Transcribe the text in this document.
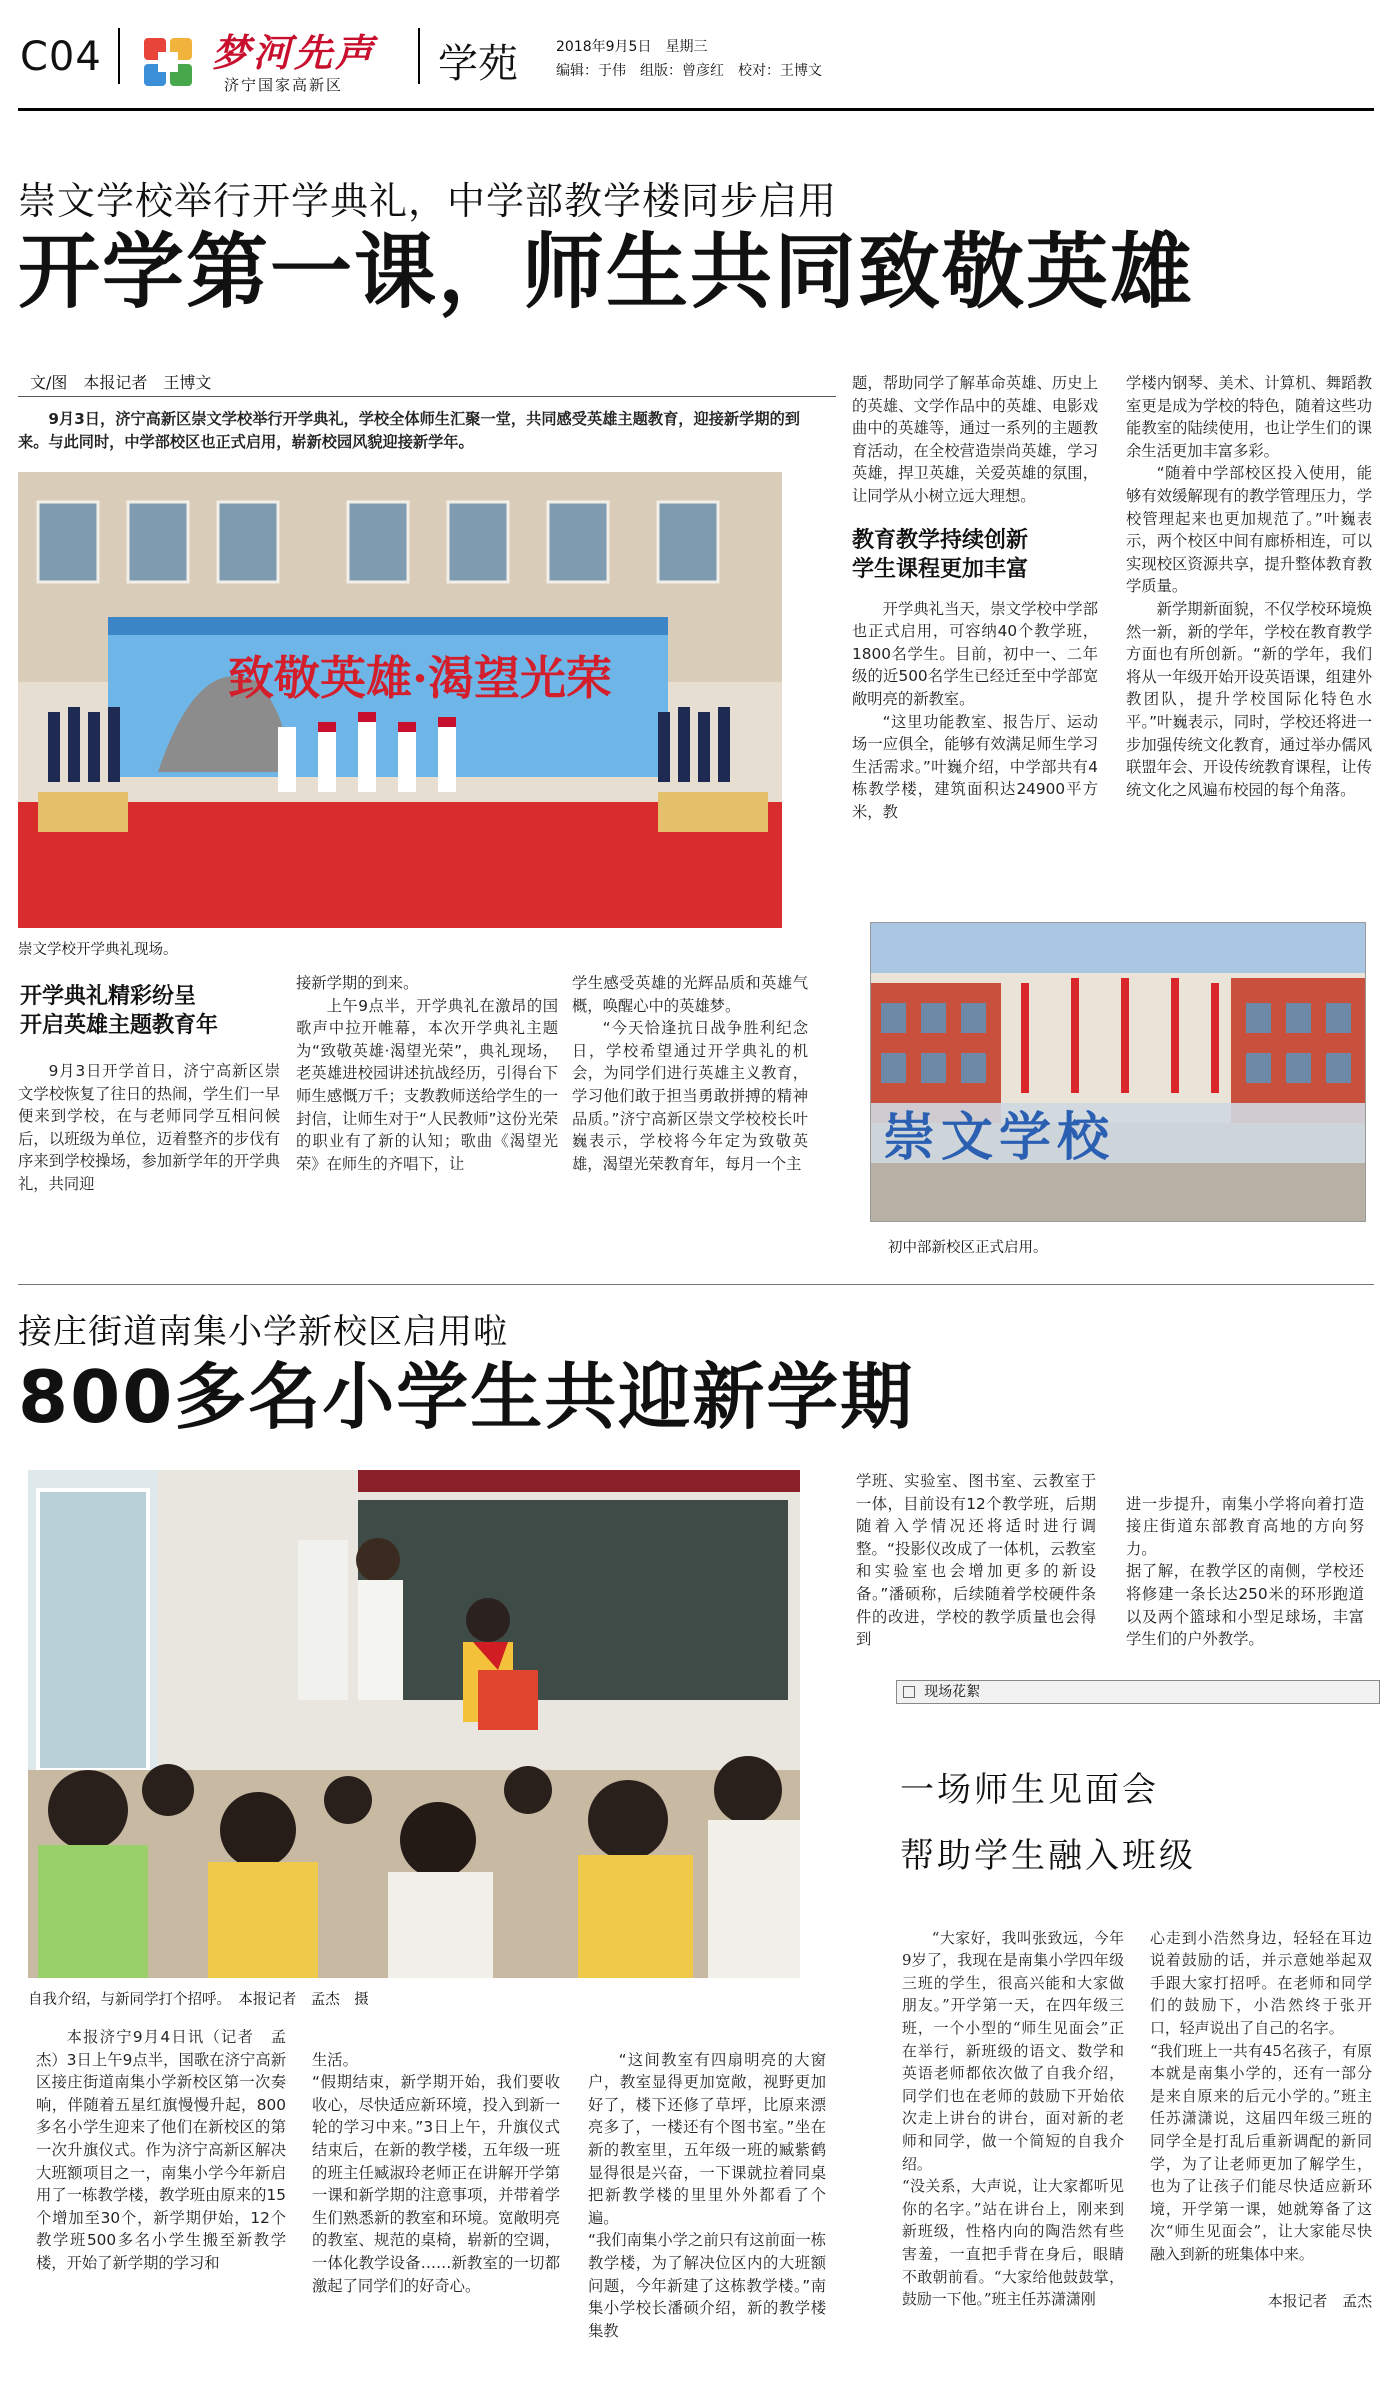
C04	梦河先声
济宁国家高新区 学苑	2018年9月5日　 星期三
编辑：于伟　组版：曾彦红　校对：王博文
崇文学校举行开学典礼，中学部教学楼同步启用
开学第一课，师生共同致敬英雄
文/图　本报记者　王博文

9月3日，济宁高新区崇文学校举行开学典礼，学校全体师生汇聚一堂，共同感受英雄主题教育，迎接新学期的到来。与此同时，中学部校区也正式启用，崭新校园风貌迎接新学年。

致敬英雄·渴望光荣
崇文学校开学典礼现场。
开学典礼精彩纷呈
开启英雄主题教育年

9月3日开学首日，济宁高新区崇文学校恢复了往日的热闹，学生们一早便来到学校，在与老师同学互相问候后，以班级为单位，迈着整齐的步伐有序来到学校操场，参加新学年的开学典礼，共同迎

接新学期的到来。

上午9点半，开学典礼在激昂的国歌声中拉开帷幕，本次开学典礼主题为“致敬英雄·渴望光荣”，典礼现场，老英雄进校园讲述抗战经历，引得台下师生感慨万千；支教教师送给学生的一封信，让师生对于“人民教师”这份光荣的职业有了新的认知；歌曲《渴望光荣》在师生的齐唱下，让

学生感受英雄的光辉品质和英雄气概，唤醒心中的英雄梦。

“今天恰逢抗日战争胜利纪念日，学校希望通过开学典礼的机会，为同学们进行英雄主义教育，学习他们敢于担当勇敢拼搏的精神品质。”济宁高新区崇文学校校长叶巍表示，学校将今年定为致敬英雄，渴望光荣教育年，每月一个主

题，帮助同学了解革命英雄、历史上的英雄、文学作品中的英雄、电影戏曲中的英雄等，通过一系列的主题教育活动，在全校营造崇尚英雄，学习英雄，捍卫英雄，关爱英雄的氛围，让同学从小树立远大理想。

教育教学持续创新
学生课程更加丰富

开学典礼当天，崇文学校中学部也正式启用，可容纳40个教学班，1800名学生。目前，初中一、二年级的近500名学生已经迁至中学部宽敞明亮的新教室。

“这里功能教室、报告厅、运动场一应俱全，能够有效满足师生学习生活需求。”叶巍介绍，中学部共有4栋教学楼，建筑面积达24900平方米，教

学楼内钢琴、美术、计算机、舞蹈教室更是成为学校的特色，随着这些功能教室的陆续使用，也让学生们的课余生活更加丰富多彩。

“随着中学部校区投入使用，能够有效缓解现有的教学管理压力，学校管理起来也更加规范了。”叶巍表示，两个校区中间有廊桥相连，可以实现校区资源共享，提升整体教育教学质量。

新学期新面貌，不仅学校环境焕然一新，新的学年，学校在教育教学方面也有所创新。“新的学年，我们将从一年级开始开设英语课，组建外教团队，提升学校国际化特色水平。”叶巍表示，同时，学校还将进一步加强传统文化教育，通过举办儒风联盟年会、开设传统教育课程，让传统文化之风遍布校园的每个角落。

崇文学校
初中部新校区正式启用。
接庄街道南集小学新校区启用啦
800多名小学生共迎新学期
自我介绍，与新同学打个招呼。　本报记者　孟杰　摄

本报济宁9月4日讯（记者　孟杰）3日上午9点半，国歌在济宁高新区接庄街道南集小学新校区第一次奏响，伴随着五星红旗慢慢升起，800多名小学生迎来了他们在新校区的第一次升旗仪式。作为济宁高新区解决大班额项目之一，南集小学今年新启用了一栋教学楼，教学班由原来的15个增加至30个，新学期伊始，12个教学班500多名小学生搬至新教学楼，开始了新学期的学习和

生活。
“假期结束，新学期开始，我们要收收心，尽快适应新环境，投入到新一轮的学习中来。”3日上午，升旗仪式结束后，在新的教学楼，五年级一班的班主任臧淑玲老师正在讲解开学第一课和新学期的注意事项，并带着学生们熟悉新的教室和环境。宽敞明亮的教室、规范的桌椅，崭新的空调，一体化教学设备……新教室的一切都激起了同学们的好奇心。

“这间教室有四扇明亮的大窗户，教室显得更加宽敞，视野更加好了，楼下还修了草坪，比原来漂亮多了，一楼还有个图书室。”坐在新的教室里，五年级一班的臧紫鹤显得很是兴奋，一下课就拉着同桌把新教学楼的里里外外都看了个遍。
“我们南集小学之前只有这前面一栋教学楼，为了解决位区内的大班额问题，今年新建了这栋教学楼。”南集小学校长潘硕介绍，新的教学楼集教

学班、实验室、图书室、云教室于一体，目前设有12个教学班，后期随着入学情况还将适时进行调整。“投影仪改成了一体机，云教室和实验室也会增加更多的新设备。”潘硕称，后续随着学校硬件条件的改进，学校的教学质量也会得到

进一步提升，南集小学将向着打造接庄街道东部教育高地的方向努力。
据了解，在教学区的南侧，学校还将修建一条长达250米的环形跑道以及两个篮球和小型足球场，丰富学生们的户外教学。

现场花絮
一场师生见面会
帮助学生融入班级

“大家好，我叫张致远，今年9岁了，我现在是南集小学四年级三班的学生，很高兴能和大家做朋友。”开学第一天，在四年级三班，一个小型的“师生见面会”正在举行，新班级的语文、数学和英语老师都依次做了自我介绍，同学们也在老师的鼓励下开始依次走上讲台的讲台，面对新的老师和同学，做一个简短的自我介绍。
“没关系，大声说，让大家都听见你的名字。”站在讲台上，刚来到新班级，性格内向的陶浩然有些害羞，一直把手背在身后，眼睛不敢朝前看。“大家给他鼓鼓掌，鼓励一下他。”班主任苏潇潇刚

心走到小浩然身边，轻轻在耳边说着鼓励的话，并示意她举起双手跟大家打招呼。在老师和同学们的鼓励下，小浩然终于张开口，轻声说出了自己的名字。
“我们班上一共有45名孩子，有原本就是南集小学的，还有一部分是来自原来的后元小学的。”班主任苏潇潇说，这届四年级三班的同学全是打乱后重新调配的新同学，为了让老师更加了解学生，也为了让孩子们能尽快适应新环境，开学第一课，她就筹备了这次“师生见面会”，让大家能尽快融入到新的班集体中来。

本报记者　孟杰
